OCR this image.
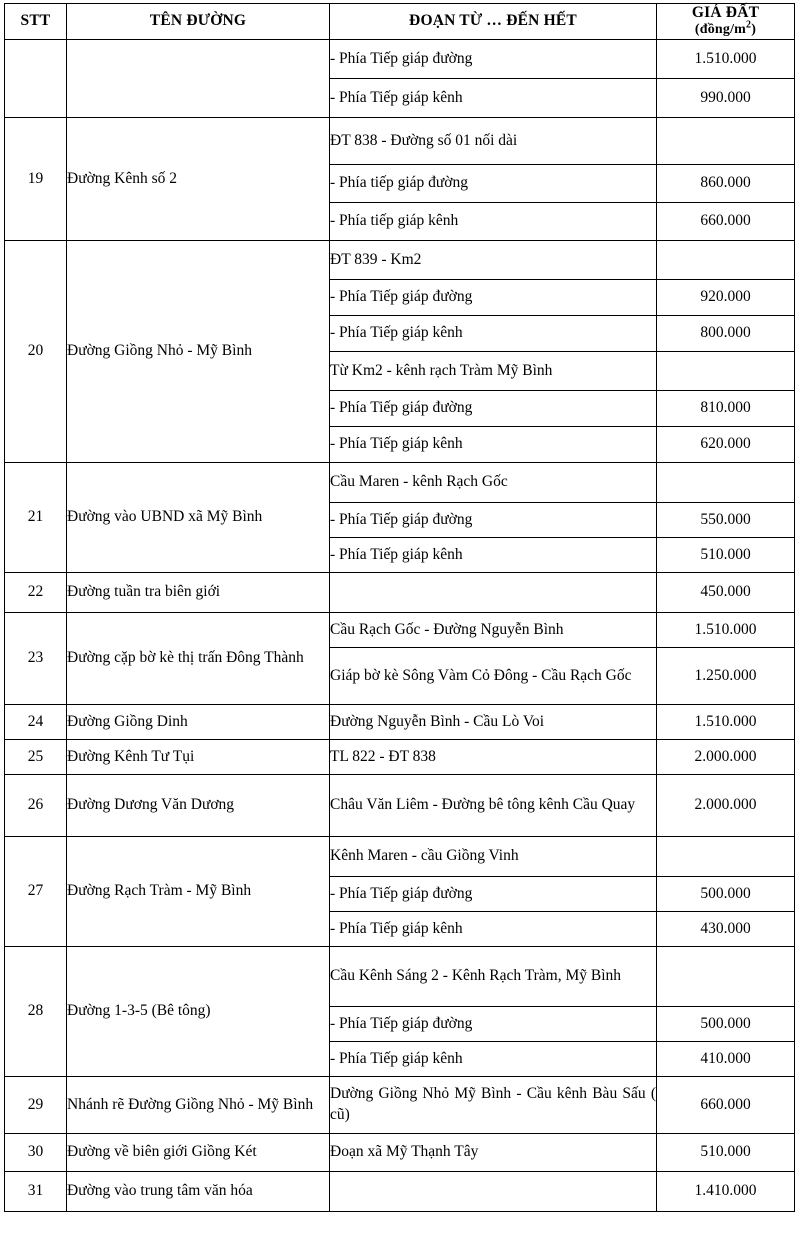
STT	TÊN ĐƯỜNG	ĐOẠN TỪ … ĐẾN HẾT	GIÁ ĐẤT
$(đồng/m^2)$

		- Phía Tiếp giáp đường	1.510.000
		- Phía Tiếp giáp kênh	990.000
19	Đường Kênh số 2	ĐT 838 - Đường số 01 nối dài	
		- Phía tiếp giáp đường	860.000
		- Phía tiếp giáp kênh	660.000
20	Đường Giồng Nhỏ - Mỹ Bình	ĐT 839 - Km2	
		- Phía Tiếp giáp đường	920.000
		- Phía Tiếp giáp kênh	800.000
		Từ Km2 - kênh rạch Tràm Mỹ Bình	
		- Phía Tiếp giáp đường	810.000
		- Phía Tiếp giáp kênh	620.000
21	Đường vào UBND xã Mỹ Bình	Cầu Maren - kênh Rạch Gốc	
		- Phía Tiếp giáp đường	550.000
		- Phía Tiếp giáp kênh	510.000
22	Đường tuần tra biên giới		450.000
23	Đường cặp bờ kè thị trấn Đông Thành	Cầu Rạch Gốc - Đường Nguyễn Bình	1.510.000
		Giáp bờ kè Sông Vàm Cỏ Đông - Cầu Rạch Gốc	1.250.000
24	Đường Giồng Dinh	Đường Nguyễn Bình - Cầu Lò Voi	1.510.000
25	Đường Kênh Tư Tụi	TL 822 - ĐT 838	2.000.000
26	Đường Dương Văn Dương	Châu Văn Liêm - Đường bê tông kênh Cầu Quay	2.000.000
27	Đường Rạch Tràm - Mỹ Bình	Kênh Maren - cầu Giồng Vinh	
		- Phía Tiếp giáp đường	500.000
		- Phía Tiếp giáp kênh	430.000
28	Đường 1-3-5 (Bê tông)	Cầu Kênh Sáng 2 - Kênh Rạch Tràm, Mỹ Bình	
		- Phía Tiếp giáp đường	500.000
		- Phía Tiếp giáp kênh	410.000
29	Nhánh rẽ Đường Giồng Nhỏ - Mỹ Bình	Dường Giồng Nhỏ Mỹ Bình - Cầu kênh Bàu Sấu ( cũ)	660.000
30	Đường về biên giới Giồng Két	Đoạn xã Mỹ Thạnh Tây	510.000
31	Đường vào trung tâm văn hóa		1.410.000
